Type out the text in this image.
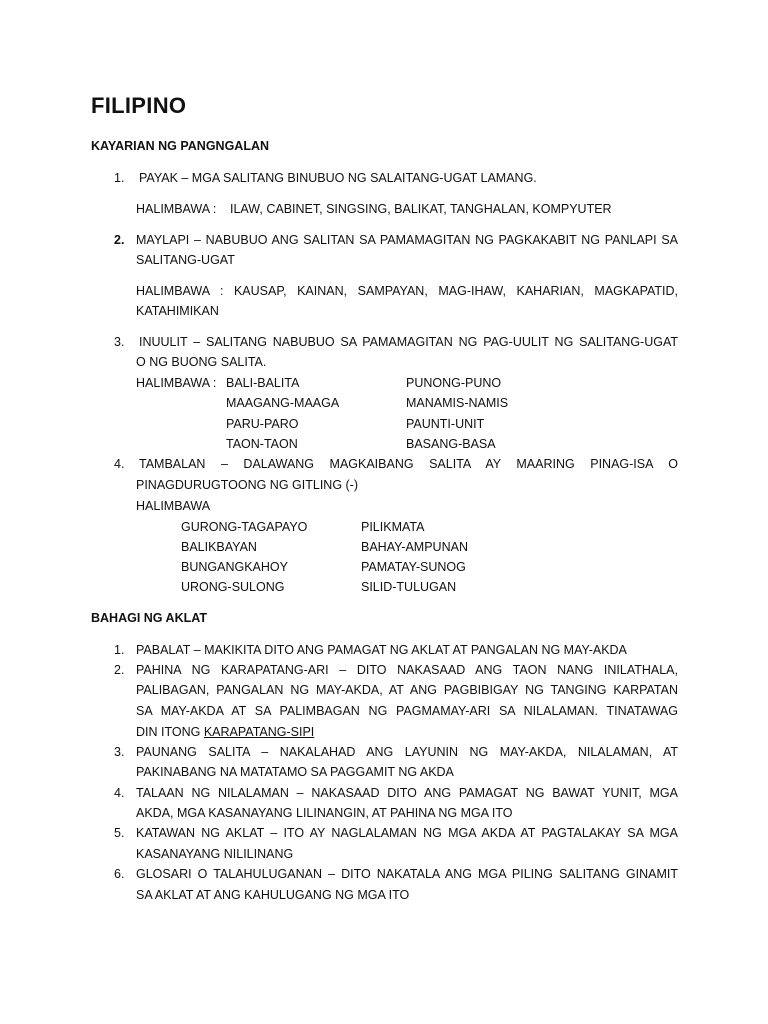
FILIPINO
KAYARIAN NG PANGNGALAN
1. PAYAK – MGA SALITANG BINUBUO NG SALAITANG-UGAT LAMANG.
HALIMBAWA : ILAW, CABINET, SINGSING, BALIKAT, TANGHALAN, KOMPYUTER
2. MAYLAPI – NABUBUO ANG SALITAN SA PAMAMAGITAN NG PAGKAKABIT NG PANLAPI SA
SALITANG-UGAT
HALIMBAWA : KAUSAP, KAINAN, SAMPAYAN, MAG-IHAW, KAHARIAN, MAGKAPATID,
KATAHIMIKAN
3. INUULIT – SALITANG NABUBUO SA PAMAMAGITAN NG PAG-UULIT NG SALITANG-UGAT
O NG BUONG SALITA.
HALIMBAWA : BALI-BALITA
MAAGANG-MAAGA
PARU-PARO
TAON-TAON
PUNONG-PUNO
MANAMIS-NAMIS
PAUNTI-UNIT
BASANG-BASA
4. TAMBALAN – DALAWANG MAGKAIBANG SALITA AY MAARING PINAG-ISA O
PINAGDURUGTOONG NG GITLING (-)
HALIMBAWA
GURONG-TAGAPAYO
BALIKBAYAN
BUNGANGKAHOY
URONG-SULONG
PILIKMATA
BAHAY-AMPUNAN
PAMATAY-SUNOG
SILID-TULUGAN
BAHAGI NG AKLAT
1. PABALAT – MAKIKITA DITO ANG PAMAGAT NG AKLAT AT PANGALAN NG MAY-AKDA
2. PAHINA NG KARAPATANG-ARI – DITO NAKASAAD ANG TAON NANG INILATHALA,
PALIBAGAN, PANGALAN NG MAY-AKDA, AT ANG PAGBIBIGAY NG TANGING KARPATAN
SA MAY-AKDA AT SA PALIMBAGAN NG PAGMAMAY-ARI SA NILALAMAN. TINATAWAG
DIN ITONG KARAPATANG-SIPI
3. PAUNANG SALITA – NAKALAHAD ANG LAYUNIN NG MAY-AKDA, NILALAMAN, AT
PAKINABANG NA MATATAMO SA PAGGAMIT NG AKDA
4. TALAAN NG NILALAMAN – NAKASAAD DITO ANG PAMAGAT NG BAWAT YUNIT, MGA
AKDA, MGA KASANAYANG LILINANGIN, AT PAHINA NG MGA ITO
5. KATAWAN NG AKLAT – ITO AY NAGLALAMAN NG MGA AKDA AT PAGTALAKAY SA MGA
KASANAYANG NILILINANG
6. GLOSARI O TALAHULUGANAN – DITO NAKATALA ANG MGA PILING SALITANG GINAMIT
SA AKLAT AT ANG KAHULUGANG NG MGA ITO
